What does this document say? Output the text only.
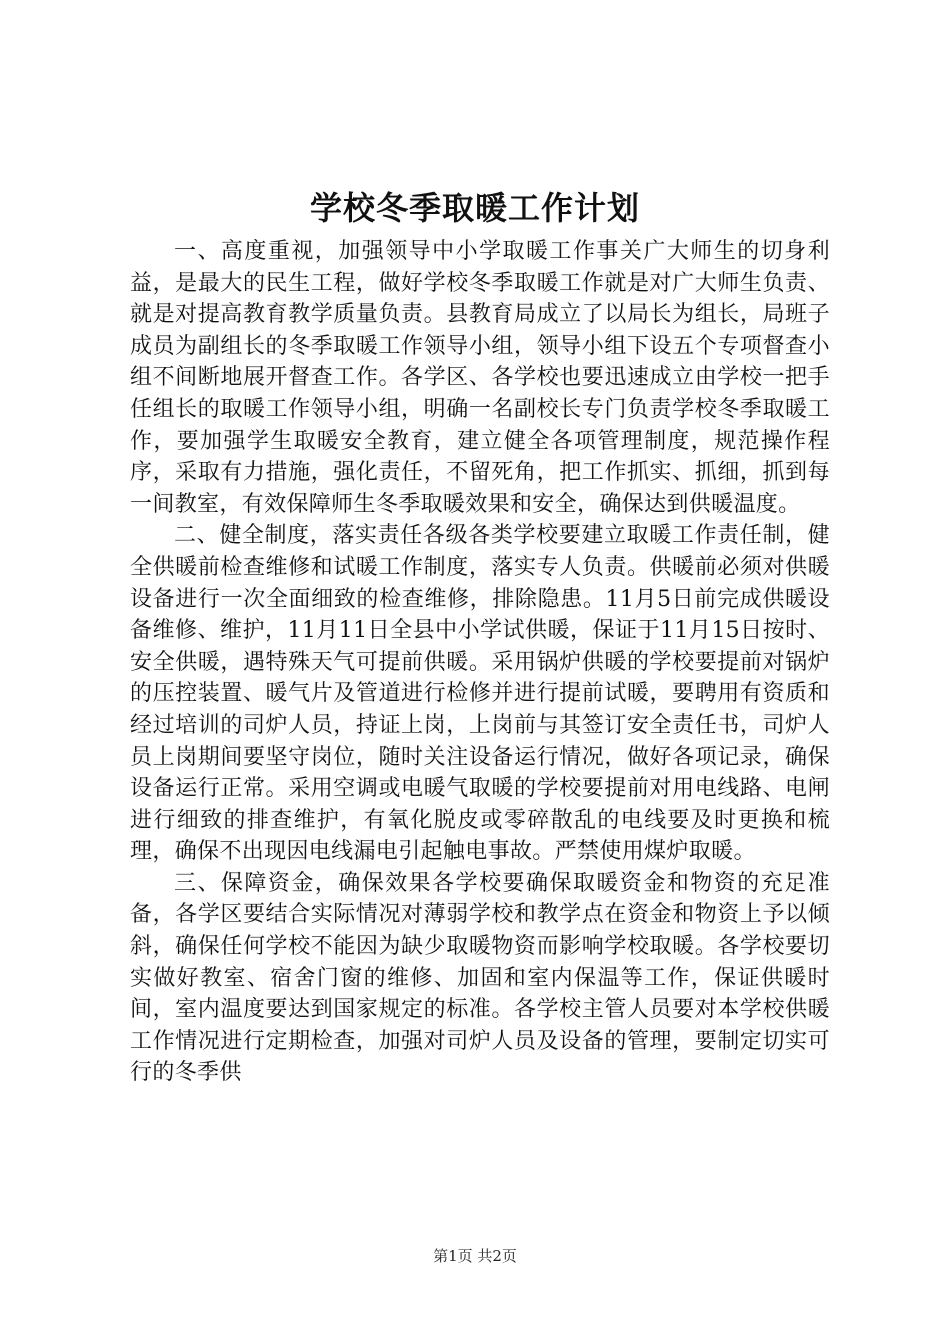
学校冬季取暖工作计划

一、高度重视，加强领导中小学取暖工作事关广大师生的切身利益，是最大的民生工程，做好学校冬季取暖工作就是对广大师生负责、就是对提高教育教学质量负责。县教育局成立了以局长为组长，局班子成员为副组长的冬季取暖工作领导小组，领导小组下设五个专项督查小组不间断地展开督查工作。各学区、各学校也要迅速成立由学校一把手任组长的取暖工作领导小组，明确一名副校长专门负责学校冬季取暖工作，要加强学生取暖安全教育，建立健全各项管理制度，规范操作程序，采取有力措施，强化责任，不留死角，把工作抓实、抓细，抓到每一间教室，有效保障师生冬季取暖效果和安全，确保达到供暖温度。

二、健全制度，落实责任各级各类学校要建立取暖工作责任制，健全供暖前检查维修和试暖工作制度，落实专人负责。供暖前必须对供暖设备进行一次全面细致的检查维修，排除隐患。11月5日前完成供暖设备维修、维护，11月11日全县中小学试供暖，保证于11月15日按时、安全供暖，遇特殊天气可提前供暖。采用锅炉供暖的学校要提前对锅炉的压控装置、暖气片及管道进行检修并进行提前试暖，要聘用有资质和经过培训的司炉人员，持证上岗，上岗前与其签订安全责任书，司炉人员上岗期间要坚守岗位，随时关注设备运行情况，做好各项记录，确保设备运行正常。采用空调或电暖气取暖的学校要提前对用电线路、电闸进行细致的排查维护，有氧化脱皮或零碎散乱的电线要及时更换和梳理，确保不出现因电线漏电引起触电事故。严禁使用煤炉取暖。

三、保障资金，确保效果各学校要确保取暖资金和物资的充足准备，各学区要结合实际情况对薄弱学校和教学点在资金和物资上予以倾斜，确保任何学校不能因为缺少取暖物资而影响学校取暖。各学校要切实做好教室、宿舍门窗的维修、加固和室内保温等工作，保证供暖时间，室内温度要达到国家规定的标准。各学校主管人员要对本学校供暖工作情况进行定期检查，加强对司炉人员及设备的管理，要制定切实可行的冬季供

第1页 共2页
